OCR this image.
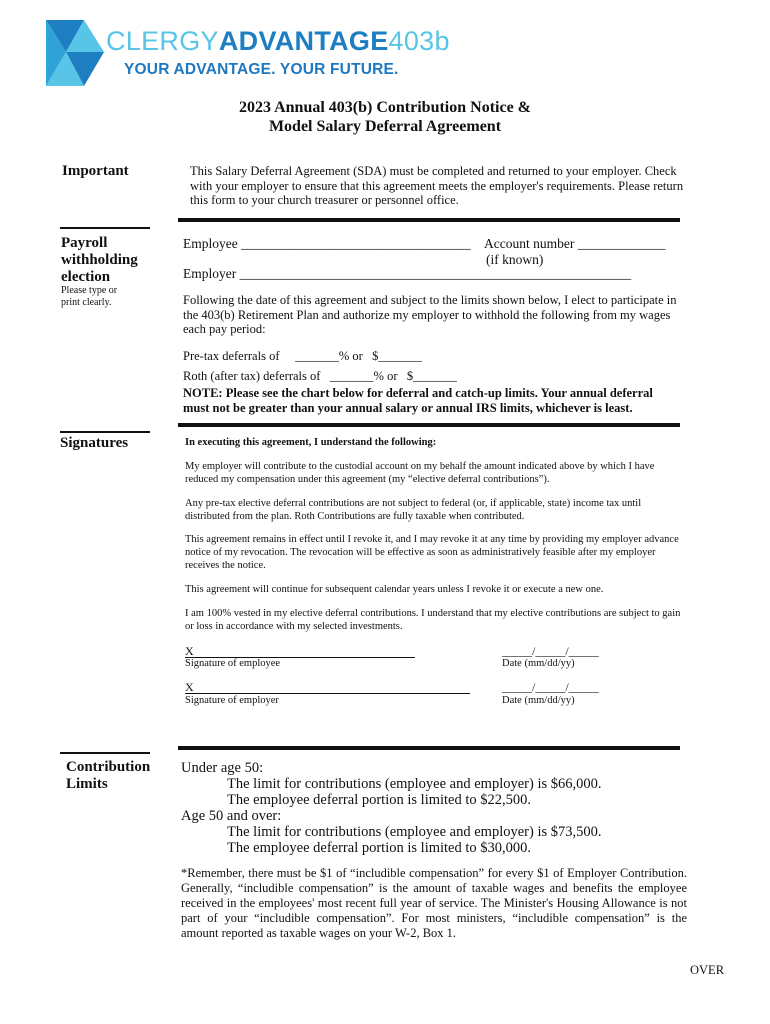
CLERGYADVANTAGE403b
YOUR ADVANTAGE. YOUR FUTURE.
2023 Annual 403(b) Contribution Notice &
Model Salary Deferral Agreement
Important	This Salary Deferral Agreement (SDA) must be completed and returned to your employer. Check with your employer to ensure that this agreement meets the employer's requirements. Please return this form to your church treasurer or personnel office.
Payroll
withholding
election
Please type or print clearly.
Employee __________________________________ Account number _____________
(if known)
Employer __________________________________________________________
Following the date of this agreement and subject to the limits shown below, I elect to participate in the 403(b) Retirement Plan and authorize my employer to withhold the following from my wages each pay period:
Pre-tax deferrals of     _______% or   $_______
Roth (after tax) deferrals of   _______% or   $_______
NOTE: Please see the chart below for deferral and catch-up limits. Your annual deferral
must not be greater than your annual salary or annual IRS limits, whichever is least.
Signatures	In executing this agreement, I understand the following:
My employer will contribute to the custodial account on my behalf the amount indicated above by which I have reduced my compensation under this agreement (my “elective deferral contributions”).
Any pre-tax elective deferral contributions are not subject to federal (or, if applicable, state) income tax until distributed from the plan. Roth Contributions are fully taxable when contributed.
This agreement remains in effect until I revoke it, and I may revoke it at any time by providing my employer advance notice of my revocation. The revocation will be effective as soon as administratively feasible after my employer receives the notice.
This agreement will continue for subsequent calendar years unless I revoke it or execute a new one.
I am 100% vested in my elective deferral contributions. I understand that my elective contributions are subject to gain or loss in accordance with my selected investments.
X
Signature of employee
_____/_____/_____
Date (mm/dd/yy)
X
Signature of employer
_____/_____/_____
Date (mm/dd/yy)
Contribution
Limits
Under age 50:
The limit for contributions (employee and employer) is $66,000.
The employee deferral portion is limited to $22,500.
Age 50 and over:
The limit for contributions (employee and employer) is $73,500.
The employee deferral portion is limited to $30,000.
*Remember, there must be $1 of “includible compensation” for every $1 of Employer Contribution. Generally, “includible compensation” is the amount of taxable wages and benefits the employee received in the employees' most recent full year of service. The Minister's Housing Allowance is not part of your “includible compensation”. For most ministers, “includible compensation” is the amount reported as taxable wages on your W-2, Box 1.
OVER
